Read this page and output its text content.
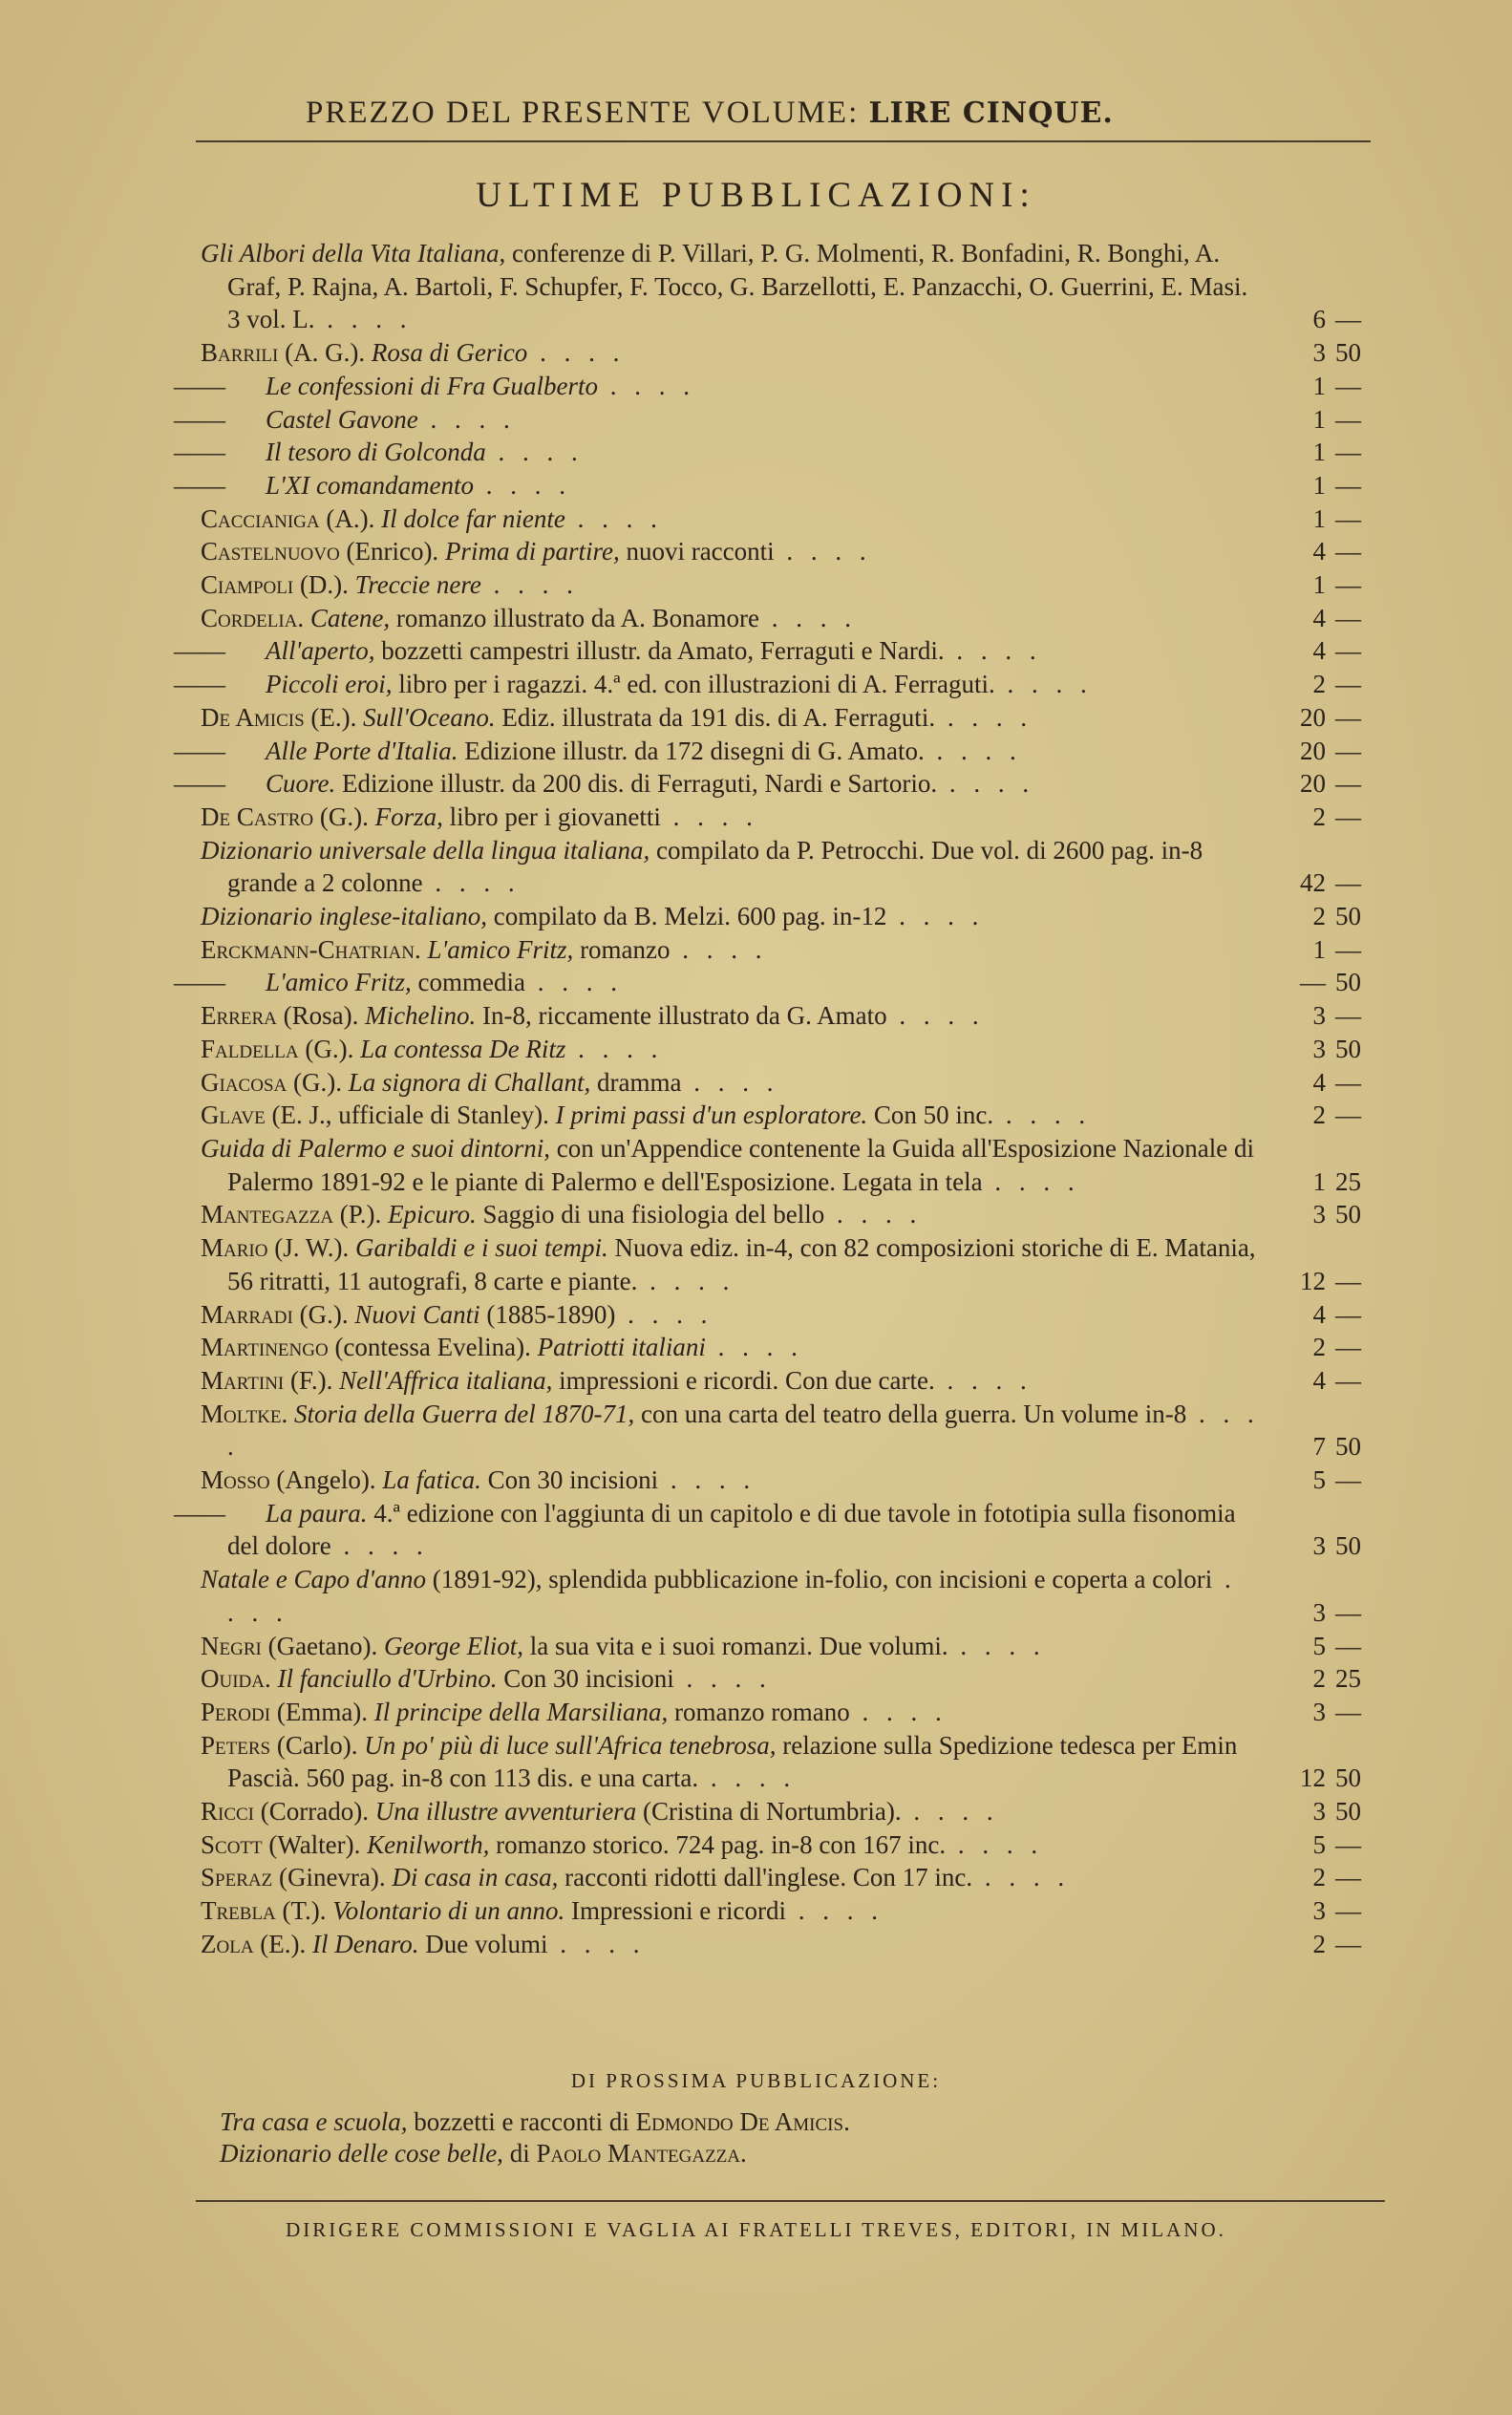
PREZZO DEL PRESENTE VOLUME: LIRE CINQUE.
ULTIME PUBBLICAZIONI:
Gli Albori della Vita Italiana, conferenze di P. Villari, P. G. Molmenti, R. Bonfadini, R. Bonghi, A. Graf, P. Rajna, A. Bartoli, F. Schupfer, F. Tocco, G. Barzellotti, E. Panzacchi, O. Guerrini, E. Masi. 3 vol. L. . . . .	6 —
Barrili (A. G.). Rosa di Gerico . . . .	3 50
—— Le confessioni di Fra Gualberto . . . .	1 —
—— Castel Gavone . . . .	1 —
—— Il tesoro di Golconda . . . .	1 —
—— L'XI comandamento . . . .	1 —
Caccianiga (A.). Il dolce far niente . . . .	1 —
Castelnuovo (Enrico). Prima di partire, nuovi racconti . . . .	4 —
Ciampoli (D.). Treccie nere . . . .	1 —
Cordelia. Catene, romanzo illustrato da A. Bonamore . . . .	4 —
—— All'aperto, bozzetti campestri illustr. da Amato, Ferraguti e Nardi. . . . .	4 —
—— Piccoli eroi, libro per i ragazzi. 4.ª ed. con illustrazioni di A. Ferraguti. . . . .	2 —
De Amicis (E.). Sull'Oceano. Ediz. illustrata da 191 dis. di A. Ferraguti. . . . .	20 —
—— Alle Porte d'Italia. Edizione illustr. da 172 disegni di G. Amato. . . . .	20 —
—— Cuore. Edizione illustr. da 200 dis. di Ferraguti, Nardi e Sartorio. . . . .	20 —
De Castro (G.). Forza, libro per i giovanetti . . . .	2 —
Dizionario universale della lingua italiana, compilato da P. Petrocchi. Due vol. di 2600 pag. in-8 grande a 2 colonne . . . .	42 —
Dizionario inglese-italiano, compilato da B. Melzi. 600 pag. in-12 . . . .	2 50
Erckmann-Chatrian. L'amico Fritz, romanzo . . . .	1 —
—— L'amico Fritz, commedia . . . .	— 50
Errera (Rosa). Michelino. In-8, riccamente illustrato da G. Amato . . . .	3 —
Faldella (G.). La contessa De Ritz . . . .	3 50
Giacosa (G.). La signora di Challant, dramma . . . .	4 —
Glave (E. J., ufficiale di Stanley). I primi passi d'un esploratore. Con 50 inc. . . . .	2 —
Guida di Palermo e suoi dintorni, con un'Appendice contenente la Guida all'Esposizione Nazionale di Palermo 1891-92 e le piante di Palermo e dell'Esposizione. Legata in tela . . . .	1 25
Mantegazza (P.). Epicuro. Saggio di una fisiologia del bello . . . .	3 50
Mario (J. W.). Garibaldi e i suoi tempi. Nuova ediz. in-4, con 82 composizioni storiche di E. Matania, 56 ritratti, 11 autografi, 8 carte e piante. . . . .	12 —
Marradi (G.). Nuovi Canti (1885-1890) . . . .	4 —
Martinengo (contessa Evelina). Patriotti italiani . . . .	2 —
Martini (F.). Nell'Affrica italiana, impressioni e ricordi. Con due carte. . . . .	4 —
Moltke. Storia della Guerra del 1870-71, con una carta del teatro della guerra. Un volume in-8 . . . .	7 50
Mosso (Angelo). La fatica. Con 30 incisioni . . . .	5 —
—— La paura. 4.ª edizione con l'aggiunta di un capitolo e di due tavole in fototipia sulla fisonomia del dolore . . . .	3 50
Natale e Capo d'anno (1891-92), splendida pubblicazione in-folio, con incisioni e coperta a colori . . . .	3 —
Negri (Gaetano). George Eliot, la sua vita e i suoi romanzi. Due volumi. . . . .	5 —
Ouida. Il fanciullo d'Urbino. Con 30 incisioni . . . .	2 25
Perodi (Emma). Il principe della Marsiliana, romanzo romano . . . .	3 —
Peters (Carlo). Un po' più di luce sull'Africa tenebrosa, relazione sulla Spedizione tedesca per Emin Pascià. 560 pag. in-8 con 113 dis. e una carta. . . . .	12 50
Ricci (Corrado). Una illustre avventuriera (Cristina di Nortumbria). . . . .	3 50
Scott (Walter). Kenilworth, romanzo storico. 724 pag. in-8 con 167 inc. . . . .	5 —
Speraz (Ginevra). Di casa in casa, racconti ridotti dall'inglese. Con 17 inc. . . . .	2 —
Trebla (T.). Volontario di un anno. Impressioni e ricordi . . . .	3 —
Zola (E.). Il Denaro. Due volumi . . . .	2 —
DI PROSSIMA PUBBLICAZIONE:
Tra casa e scuola, bozzetti e racconti di Edmondo De Amicis.
Dizionario delle cose belle, di Paolo Mantegazza.
DIRIGERE COMMISSIONI E VAGLIA AI FRATELLI TREVES, EDITORI, IN MILANO.
